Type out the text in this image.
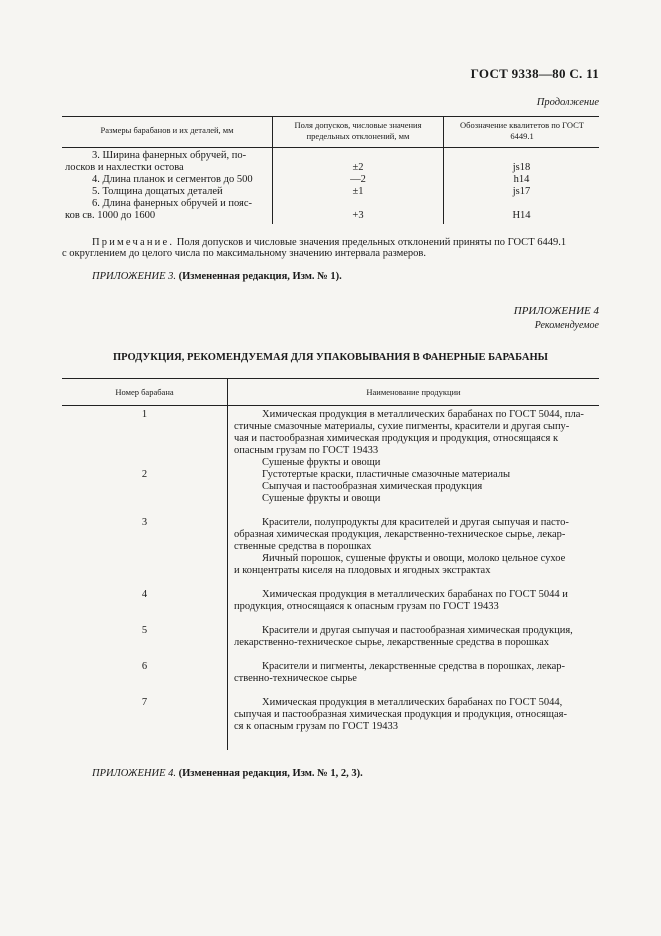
ГОСТ 9338—80 С. 11
Продолжение
Размеры барабанов и их деталей, мм	Поля допусков, числовые значения предельных отклонений, мм
Обозначение квалитетов по ГОСТ 6449.1
3. Ширина фанерных обручей, по-
лосков и нахлестки остова
4. Длина планок и сегментов до 500
5. Толщина дощатых деталей
6. Длина фанерных обручей и пояс-
ков св. 1000 до 1600
±2
—2
±1
+3
js18
h14
js17
H14
Примечание. Поля допусков и числовые значения предельных отклонений приняты по ГОСТ 6449.1
с округлением до целого числа по максимальному значению интервала размеров.
ПРИЛОЖЕНИЕ 3. (Измененная редакция, Изм. № 1).
ПРИЛОЖЕНИЕ 4
Рекомендуемое
ПРОДУКЦИЯ, РЕКОМЕНДУЕМАЯ ДЛЯ УПАКОВЫВАНИЯ В ФАНЕРНЫЕ БАРАБАНЫ
Номер барабана	Наименование продукции
1
2
3
4
5
6
7
Химическая продукция в металлических барабанах по ГОСТ 5044, пла-
стичные смазочные материалы, сухие пигменты, красители и другая сыпу-
чая и пастообразная химическая продукция и продукция, относящаяся к
опасным грузам по ГОСТ 19433
Сушеные фрукты и овощи
Густотертые краски, пластичные смазочные материалы
Сыпучая и пастообразная химическая продукция
Сушеные фрукты и овощи
Красители, полупродукты для красителей и другая сыпучая и пасто-
образная химическая продукция, лекарственно-техническое сырье, лекар-
ственные средства в порошках
Яичный порошок, сушеные фрукты и овощи, молоко цельное сухое
и концентраты киселя на плодовых и ягодных экстрактах
Химическая продукция в металлических барабанах по ГОСТ 5044 и
продукция, относящаяся к опасным грузам по ГОСТ 19433
Красители и другая сыпучая и пастообразная химическая продукция,
лекарственно-техническое сырье, лекарственные средства в порошках
Красители и пигменты, лекарственные средства в порошках, лекар-
ственно-техническое сырье
Химическая продукция в металлических барабанах по ГОСТ 5044,
сыпучая и пастообразная химическая продукция и продукция, относящая-
ся к опасным грузам по ГОСТ 19433
ПРИЛОЖЕНИЕ 4. (Измененная редакция, Изм. № 1, 2, 3).
